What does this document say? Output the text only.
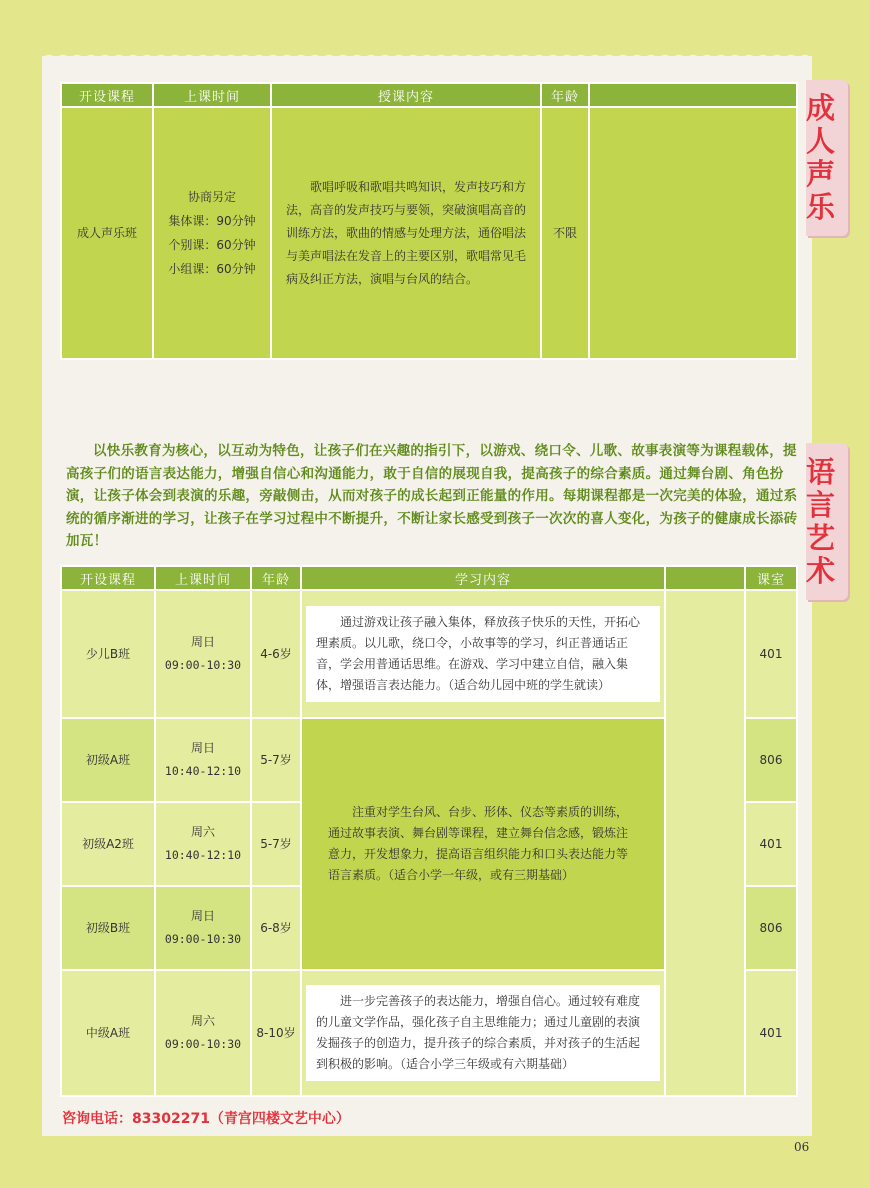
成人声乐
语言艺术
开设课程	上课时间	授课内容	年龄	
成人声乐班	协商另定
集体课：90分钟
个别课：60分钟
小组课：60分钟	歌唱呼吸和歌唱共鸣知识，发声技巧和方法，高音的发声技巧与要领，突破演唱高音的训练方法，歌曲的情感与处理方法，通俗唱法与美声唱法在发音上的主要区别，歌唱常见毛病及纠正方法，演唱与台风的结合。	不限	
以快乐教育为核心，以互动为特色，让孩子们在兴趣的指引下，以游戏、绕口令、儿歌、故事表演等为课程载体，提高孩子们的语言表达能力，增强自信心和沟通能力，敢于自信的展现自我，提高孩子的综合素质。通过舞台剧、角色扮演，让孩子体会到表演的乐趣，旁敲侧击，从而对孩子的成长起到正能量的作用。每期课程都是一次完美的体验，通过系统的循序渐进的学习，让孩子在学习过程中不断提升，不断让家长感受到孩子一次次的喜人变化，为孩子的健康成长添砖加瓦！
开设课程	上课时间	年龄	学习内容		课室
少儿B班	周日
09:00-10:30	4-6岁	通过游戏让孩子融入集体，释放孩子快乐的天性，开拓心理素质。以儿歌，绕口令，小故事等的学习，纠正普通话正音，学会用普通话思维。在游戏、学习中建立自信，融入集体，增强语言表达能力。（适合幼儿园中班的学生就读）		401
初级A班	周日
10:40-12:10	5-7岁	注重对学生台风、台步、形体、仪态等素质的训练，通过故事表演、舞台剧等课程，建立舞台信念感，锻炼注意力，开发想象力，提高语言组织能力和口头表达能力等语言素质。（适合小学一年级，或有三期基础）		806
初级A2班	周六
10:40-12:10	5-7岁			401
初级B班	周日
09:00-10:30	6-8岁			806
中级A班	周六
09:00-10:30	8-10岁	进一步完善孩子的表达能力，增强自信心。通过较有难度的儿童文学作品，强化孩子自主思维能力；通过儿童剧的表演发掘孩子的创造力，提升孩子的综合素质，并对孩子的生活起到积极的影响。（适合小学三年级或有六期基础）		401
咨询电话：83302271（青宫四楼文艺中心）
06
